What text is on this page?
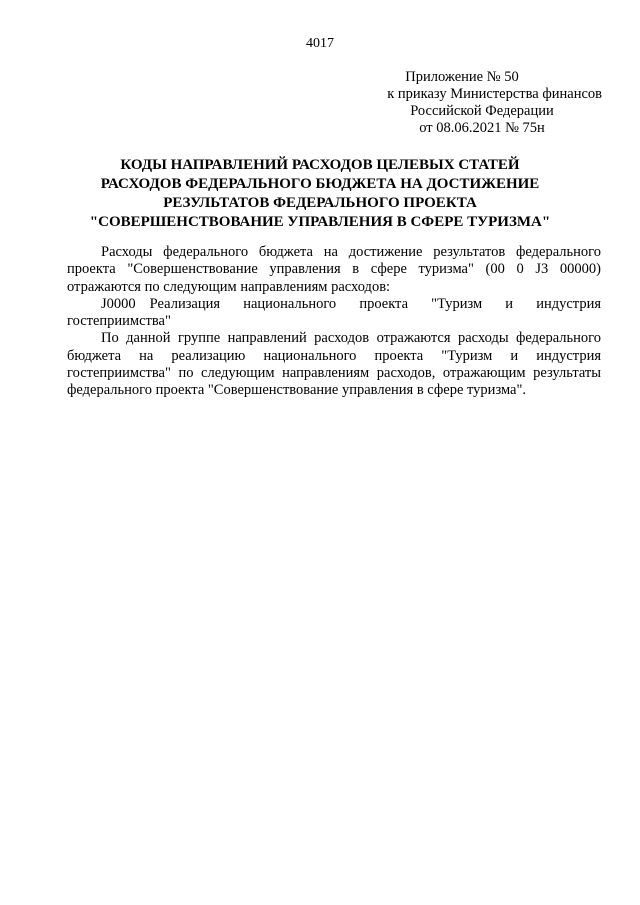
4017
Приложение № 50
к приказу Министерства финансов
Российской Федерации
от 08.06.2021 № 75н
КОДЫ НАПРАВЛЕНИЙ РАСХОДОВ ЦЕЛЕВЫХ СТАТЕЙ
РАСХОДОВ ФЕДЕРАЛЬНОГО БЮДЖЕТА НА ДОСТИЖЕНИЕ
РЕЗУЛЬТАТОВ ФЕДЕРАЛЬНОГО ПРОЕКТА
"СОВЕРШЕНСТВОВАНИЕ УПРАВЛЕНИЯ В СФЕРЕ ТУРИЗМА"

Расходы федерального бюджета на достижение результатов федерального проекта "Совершенствование управления в сфере туризма" (00 0 J3 00000) отражаются по следующим направлениям расходов:

J0000 Реализация национального проекта "Туризм и индустрия гостеприимства"

По данной группе направлений расходов отражаются расходы федерального бюджета на реализацию национального проекта "Туризм и индустрия гостеприимства" по следующим направлениям расходов, отражающим результаты федерального проекта "Совершенствование управления в сфере туризма".
